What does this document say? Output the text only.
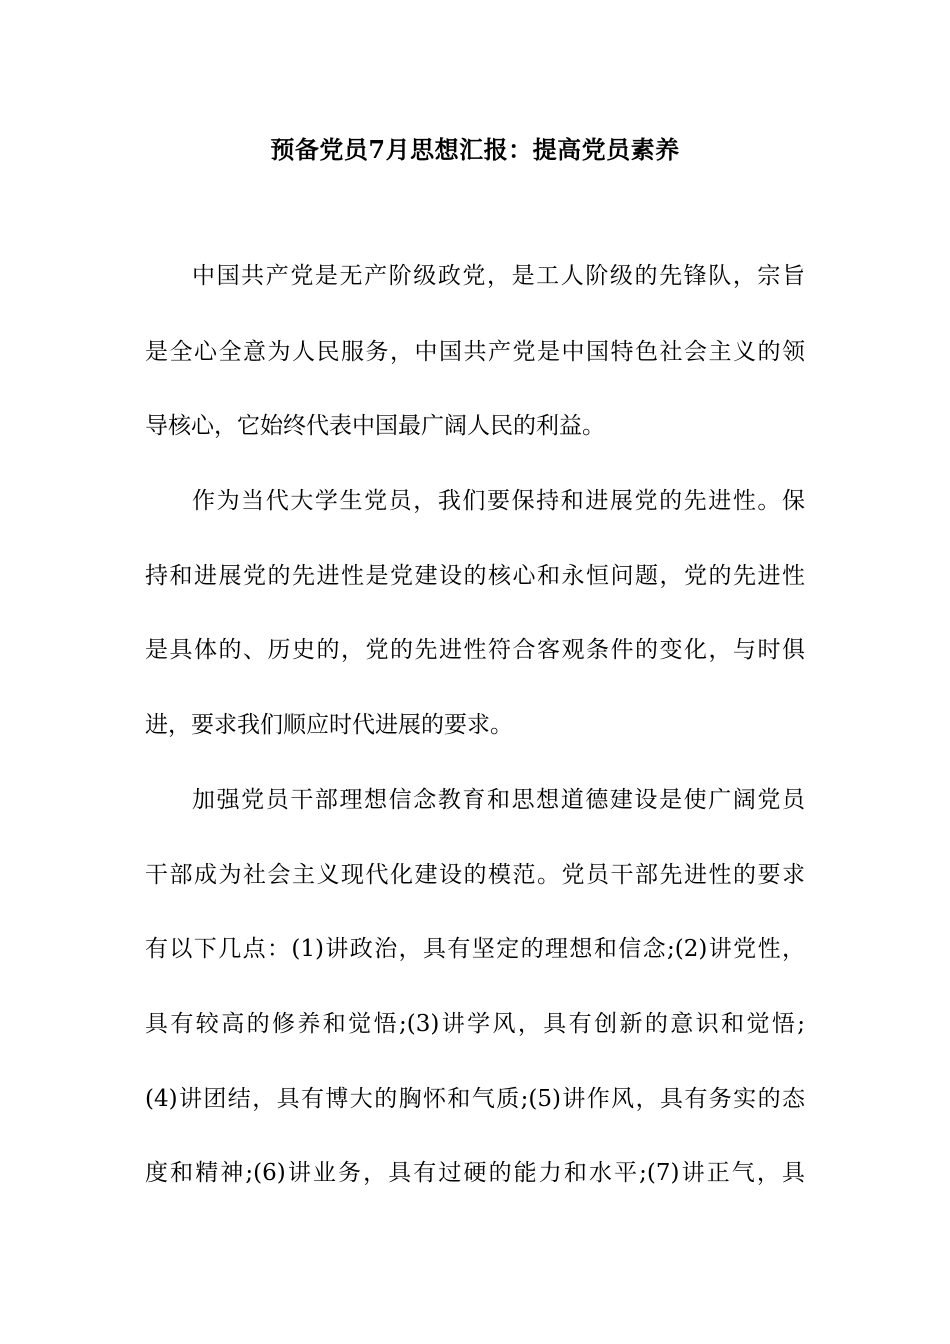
预备党员7月思想汇报：提高党员素养
中国共产党是无产阶级政党，是工人阶级的先锋队，宗旨
是全心全意为人民服务，中国共产党是中国特色社会主义的领
导核心，它始终代表中国最广阔人民的利益。
作为当代大学生党员，我们要保持和进展党的先进性。保
持和进展党的先进性是党建设的核心和永恒问题，党的先进性
是具体的、历史的，党的先进性符合客观条件的变化，与时俱
进，要求我们顺应时代进展的要求。
加强党员干部理想信念教育和思想道德建设是使广阔党员
干部成为社会主义现代化建设的模范。党员干部先进性的要求
有以下几点：(1)讲政治，具有坚定的理想和信念;(2)讲党性，
具有较高的修养和觉悟;(3)讲学风，具有创新的意识和觉悟;
(4)讲团结，具有博大的胸怀和气质;(5)讲作风，具有务实的态
度和精神;(6)讲业务，具有过硬的能力和水平;(7)讲正气，具
